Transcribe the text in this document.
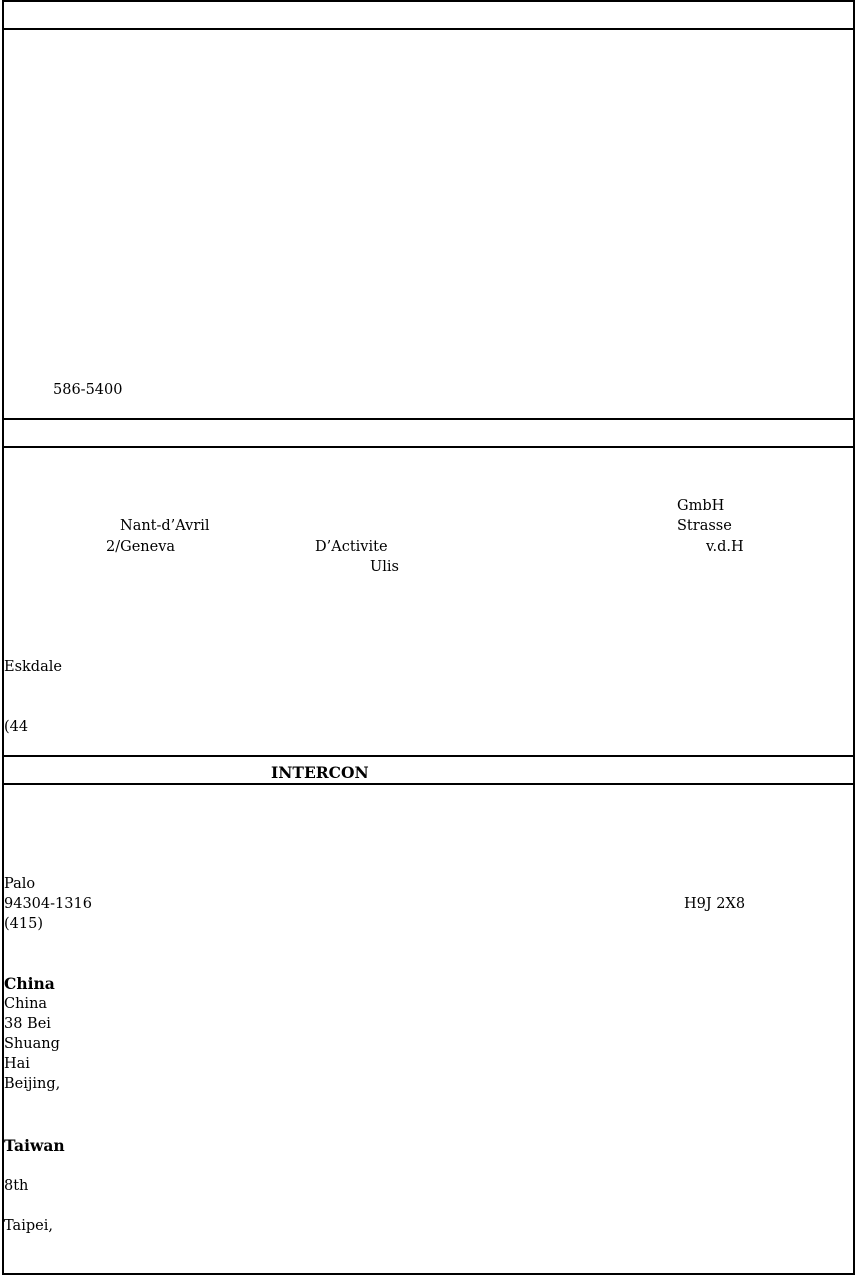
586-5400
GmbH
Nant-d’Avril	Strasse
2/Geneva	D’Activite	v.d.H
Ulis
Eskdale
(44
INTERCON
Palo
94304-1316	H9J 2X8
(415)
China
China
38 Bei
Shuang
Hai
Beijing,
Taiwan
8th
Taipei,
